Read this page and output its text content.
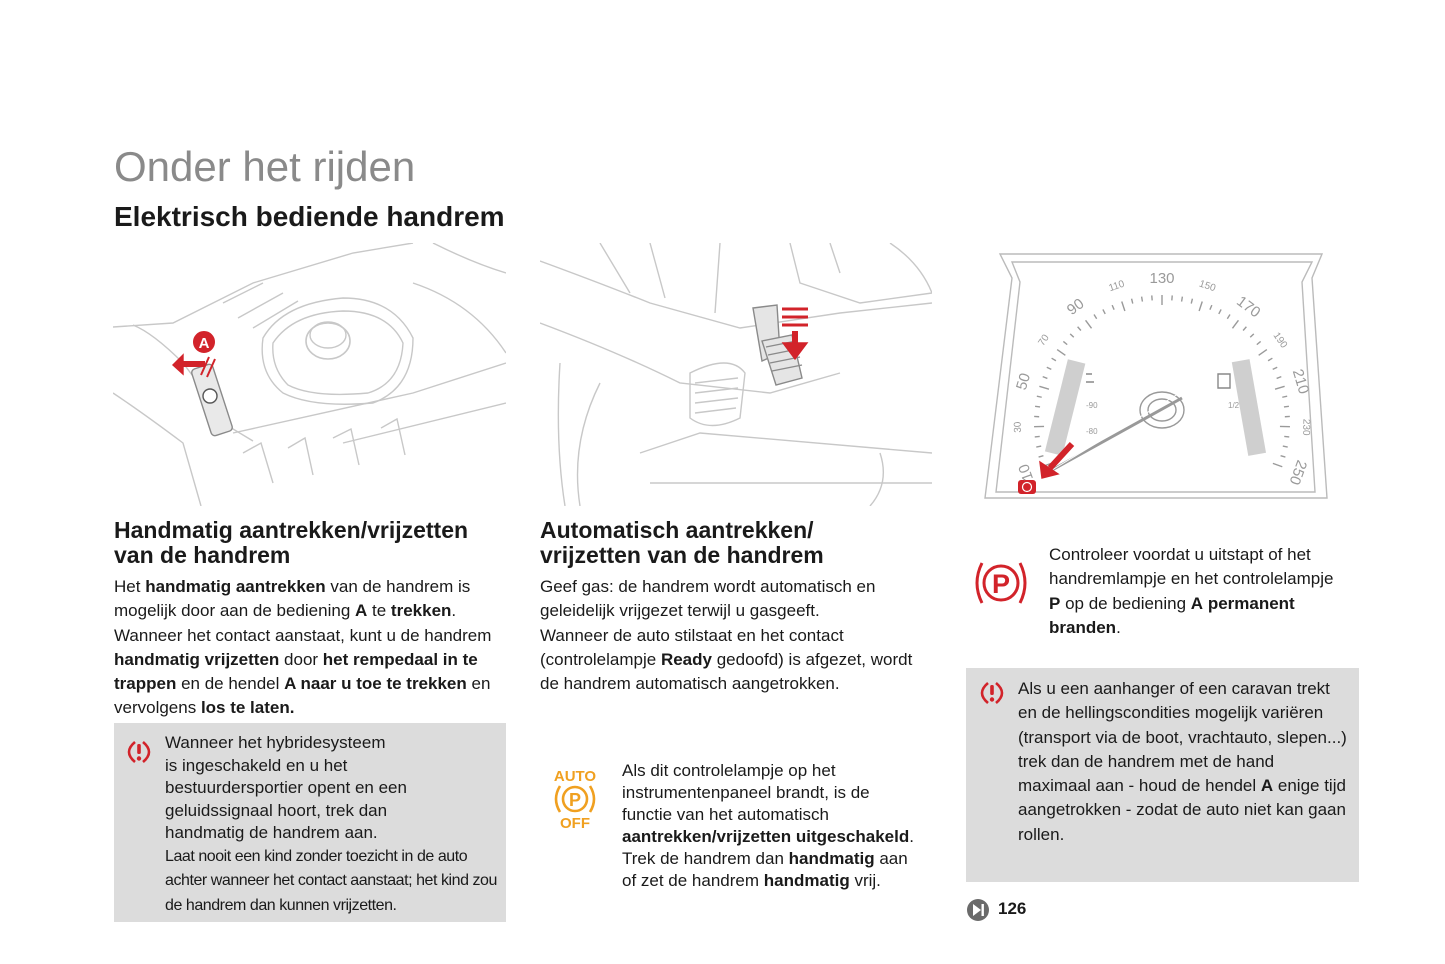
Onder het rijden
Elektrisch bediende handrem
A
10
30
50
70
90
110 130 150
170
190
210
230
250
-90
-80
1/2
Handmatig aantrekken/vrijzetten
van de handrem

Het handmatig aantrekken van de handrem is mogelijk door aan de bediening A te trekken.

Wanneer het contact aanstaat, kunt u de handrem handmatig vrijzetten door het rempedaal in te trappen en de hendel A naar u toe te trekken en vervolgens los te laten.

Wanneer het hybridesysteem

is ingeschakeld en u het

bestuurdersportier opent en een

geluidssignaal hoort, trek dan

handmatig de handrem aan.

Laat nooit een kind zonder toezicht in de auto achter wanneer het contact aanstaat; het kind zou de handrem dan kunnen vrijzetten.

Automatisch aantrekken/
vrijzetten van de handrem

Geef gas: de handrem wordt automatisch en geleidelijk vrijgezet terwijl u gasgeeft.

Wanneer de auto stilstaat en het contact (controlelampje Ready gedoofd) is afgezet, wordt de handrem automatisch aangetrokken.

AUTO
P
OFF

Als dit controlelampje op het instrumentenpaneel brandt, is de functie van het automatisch aantrekken/vrijzetten uitgeschakeld. Trek de handrem dan handmatig aan of zet de handrem handmatig vrij.

P

Controleer voordat u uitstapt of het handremlampje en het controlelampje P op de bediening A permanent branden.

Als u een aanhanger of een caravan trekt en de hellingscondities mogelijk variëren (transport via de boot, vrachtauto, slepen...) trek dan de handrem met de hand maximaal aan - houd de hendel A enige tijd aangetrokken - zodat de auto niet kan gaan rollen.

126
